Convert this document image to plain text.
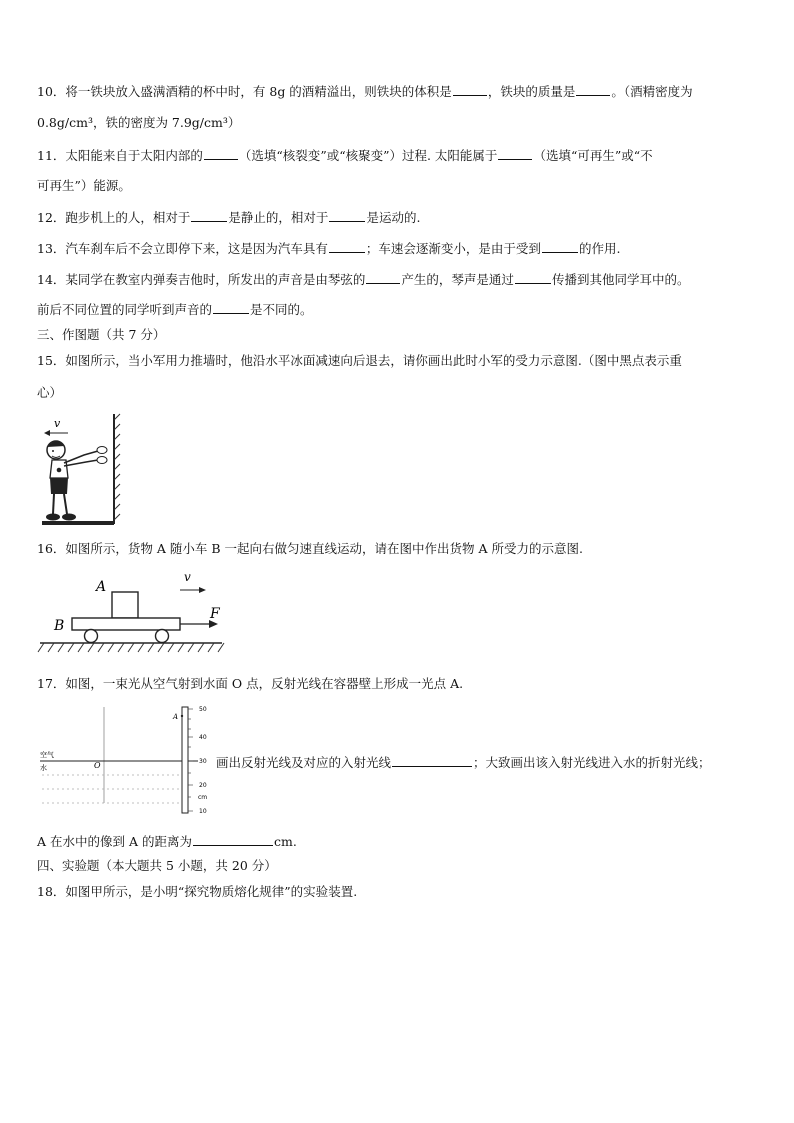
10．将一铁块放入盛满酒精的杯中时，有 8g 的酒精溢出，则铁块的体积是	，铁块的质量是	。（酒精密度为
0.8g/cm³，铁的密度为 7.9g/cm³）
11．太阳能来自于太阳内部的	（选填“核裂变”或“核聚变”）过程. 太阳能属于	（选填“可再生”或“不
可再生”）能源。
12．跑步机上的人，相对于	是静止的，相对于	是运动的.
13．汽车刹车后不会立即停下来，这是因为汽车具有	；车速会逐渐变小，是由于受到	的作用.
14．某同学在教室内弹奏吉他时，所发出的声音是由琴弦的	产生的，琴声是通过	传播到其他同学耳中的。
前后不同位置的同学听到声音的	是不同的。
三、作图题（共 7 分）
15．如图所示，当小军用力推墙时，他沿水平冰面减速向后退去，请你画出此时小军的受力示意图.（图中黑点表示重
心）
v
16．如图所示，货物 A 随小车 B 一起向右做匀速直线运动，请在图中作出货物 A 所受力的示意图.
A
B
v
F
17．如图，一束光从空气射到水面 O 点，反射光线在容器壁上形成一光点 A.
空气
水	O
A
50
40
30
20
cm
10
画出反射光线及对应的入射光线	；大致画出该入射光线进入水的折射光线；
A 在水中的像到 A 的距离为	cm.
四、实验题（本大题共 5 小题，共 20 分）
18．如图甲所示，是小明“探究物质熔化规律”的实验装置.
